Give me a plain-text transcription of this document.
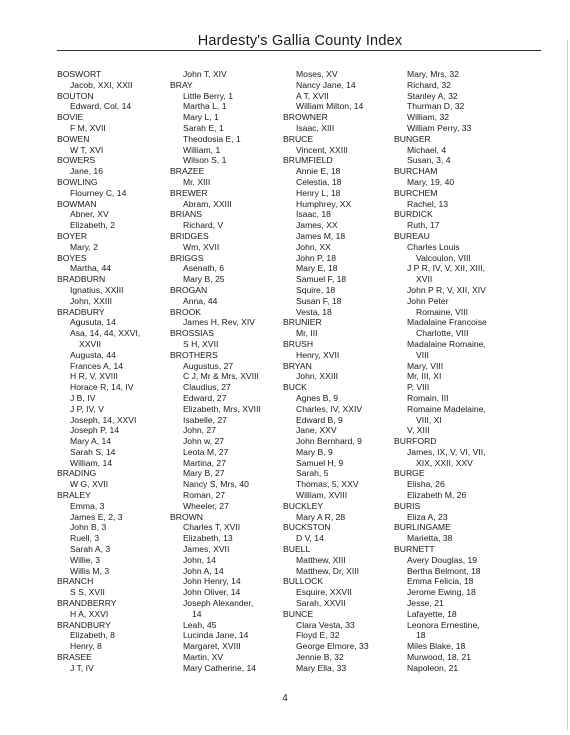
Hardesty's Gallia County Index
BOSWORT
Jacob, XXI, XXII
BOUTON
Edward, Col, 14
BOVIE
F M, XVII
BOWEN
W T, XVI
BOWERS
Jane, 16
BOWLING
Flourney C, 14
BOWMAN
Abner, XV
Elizabeth, 2
BOYER
Mary, 2
BOYES
Martha, 44
BRADBURN
Ignatius, XXIII
John, XXIII
BRADBURY
Agusuta, 14
Asa, 14, 44, XXVI,
XXVII
Augusta, 44
Frances A, 14
H R, V, XVIII
Horace R, 14, IV
J B, IV
J P, IV, V
Joseph, 14, XXVI
Joseph P, 14
Mary A, 14
Sarah S, 14
William, 14
BRADING
W G, XVII
BRALEY
Emma, 3
James E, 2, 3
John B, 3
Ruell, 3
Sarah A, 3
Willie, 3
Willis M, 3
BRANCH
S S, XVII
BRANDBERRY
H A, XXVI
BRANDBURY
Elizabeth, 8
Henry, 8
BRASEE
J T, IV
John T, XIV
BRAY
Little Berry, 1
Martha L, 1
Mary L, 1
Sarah E, 1
Theodosia E, 1
William, 1
Wilson S, 1
BRAZEE
Mr, XIII
BREWER
Abram, XXIII
BRIANS
Richard, V
BRIDGES
Wm, XVII
BRIGGS
Asenath, 6
Mary B, 25
BROGAN
Anna, 44
BROOK
James H, Rev, XIV
BROSSIAS
S H, XVII
BROTHERS
Augustus, 27
C J, Mr & Mrs, XVIII
Claudius, 27
Edward, 27
Elizabeth, Mrs, XVIII
Isabelle, 27
John, 27
John w, 27
Leota M, 27
Martina, 27
Mary B, 27
Nancy S, Mrs, 40
Roman, 27
Wheeler, 27
BROWN
Charles T, XVII
Elizabeth, 13
James, XVII
John, 14
John A, 14
John Henry, 14
John Oliver, 14
Joseph Alexander,
14
Leah, 45
Lucinda Jane, 14
Margaret, XVIII
Martin, XV
Mary Catherine, 14
Moses, XV
Nancy Jane, 14
A T, XVII
William Milton, 14
BROWNER
Isaac, XIII
BRUCE
Vincent, XXIII
BRUMFIELD
Annie E, 18
Celestia, 18
Henry L, 18
Humphrey, XX
Isaac, 18
James, XX
James M, 18
John, XX
John P, 18
Mary E, 18
Samuel F, 18
Squire, 18
Susan F, 18
Vesta, 18
BRUNIER
Mr, III
BRUSH
Henry, XVII
BRYAN
John, XXIII
BUCK
Agnes B, 9
Charles, IV, XXIV
Edward B, 9
Jane, XXV
John Bernhard, 9
Mary B, 9
Samuel H, 9
Sarah, 5
Thomas, 5, XXV
William, XVIII
BUCKLEY
Mary A R, 28
BUCKSTON
D V, 14
BUELL
Matthew, XIII
Matthew, Dr, XIII
BULLOCK
Esquire, XXVII
Sarah, XXVII
BUNCE
Clara Vesta, 33
Floyd E, 32
George Elmore, 33
Jennie B, 32
Mary Ella, 33
Mary, Mrs, 32
Richard, 32
Stanley A, 32
Thurman D, 32
William, 32
William Perry, 33
BUNGER
Michael, 4
Susan, 3, 4
BURCHAM
Mary, 19, 40
BURCHEM
Rachel, 13
BURDICK
Ruth, 17
BUREAU
Charles Louis
Valcoulon, VIII
J P R, IV, V, XII, XIII,
XVII
John P R, V, XII, XIV
John Peter
Romaine, VIII
Madalaine Francoise
Charlotte, VIII
Madalaine Romaine,
VIII
Mary, VIII
Mr, III, XI
P, VIII
Romain, III
Romaine Madelaine,
VIII, XI
V, XIII
BURFORD
James, IX, V, VI, VII,
XIX, XXII, XXV
BURGE
Elisha, 26
Elizabeth M, 26
BURIS
Eliza A, 23
BURLINGAME
Marietta, 38
BURNETT
Avery Douglas, 19
Bertha Belmont, 18
Emma Felicia, 18
Jerome Ewing, 18
Jesse, 21
Lafayette, 18
Leonora Ernestine,
18
Miles Blake, 18
Murwood, 18, 21
Napoleon, 21
4
